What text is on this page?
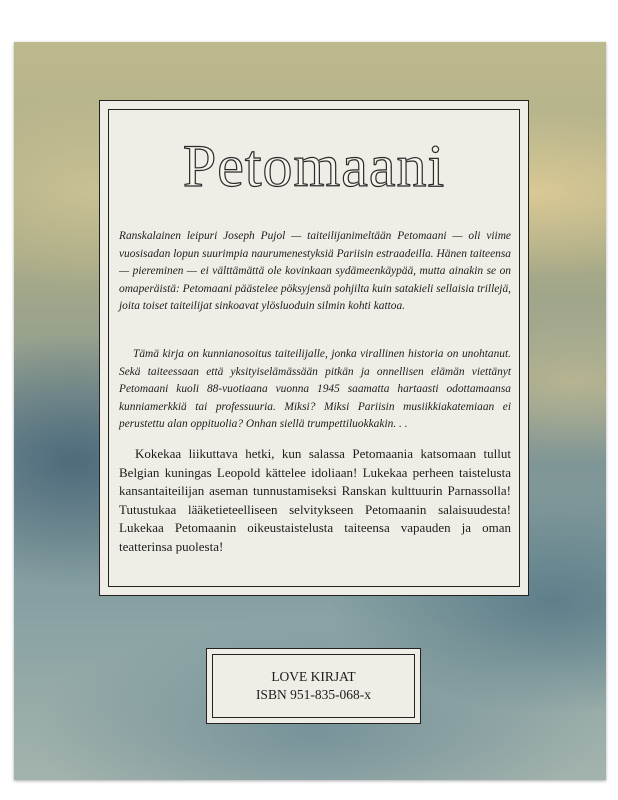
Petomaani

Ranskalainen leipuri Joseph Pujol — taiteilijanimeltään Petomaani — oli viime vuosisadan lopun suurimpia naurumenestyksiä Pariisin estraadeilla. Hänen taiteensa — piereminen — ei välttämättä ole kovinkaan sydämeenkäypää, mutta ainakin se on omaperäistä: Petomaani päästelee pöksyjensä pohjilta kuin satakieli sellaisia trillejä, joita toiset taiteilijat sinkoavat ylösluoduin silmin kohti kattoa.

Tämä kirja on kunnianosoitus taiteilijalle, jonka virallinen historia on unohtanut. Sekä taiteessaan että yksityiselämässään pitkän ja onnellisen elämän viettänyt Petomaani kuoli 88-vuotiaana vuonna 1945 saamatta hartaasti odottamaansa kunniamerkkiä tai professuuria. Miksi? Miksi Pariisin musiikkiakatemiaan ei perustettu alan oppituolia? Onhan siellä trumpettiluokkakin. . .

Kokekaa liikuttava hetki, kun salassa Petomaania katsomaan tullut Belgian kuningas Leopold kättelee idoliaan! Lukekaa perheen taistelusta kansantaiteilijan aseman tunnustamiseksi Ranskan kulttuurin Parnassolla! Tutustukaa lääketieteelliseen selvitykseen Petomaanin salaisuudesta! Lukekaa Petomaanin oikeustaistelusta taiteensa vapauden ja oman teatterinsa puolesta!

LOVE KIRJAT
ISBN 951-835-068-x
